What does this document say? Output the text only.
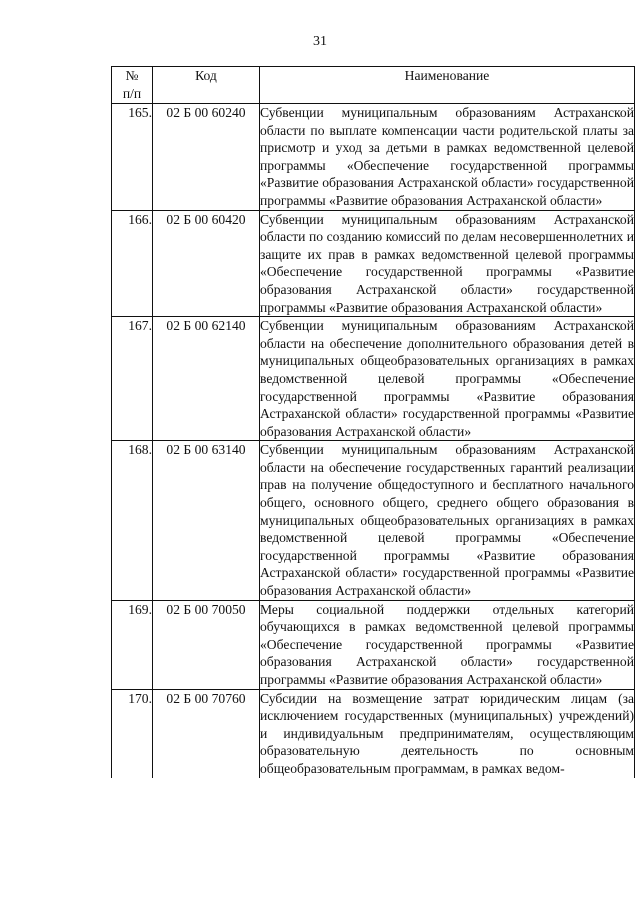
31
№
п/п	Код	Наименование
165.	02 Б 00 60240	Субвенции муниципальным образованиям Астраханской области по выплате компенсации части родительской платы за присмотр и уход за детьми в рамках ведомственной целевой программы «Обеспечение государственной программы «Развитие образования Астраханской области» государственной программы «Развитие образования Астраханской области»
166.	02 Б 00 60420	Субвенции муниципальным образованиям Астраханской области по созданию комиссий по делам несовершеннолетних и защите их прав в рамках ведомственной целевой программы «Обеспечение государственной программы «Развитие образования Астраханской области» государственной программы «Развитие образования Астраханской области»
167.	02 Б 00 62140	Субвенции муниципальным образованиям Астраханской области на обеспечение дополнительного образования детей в муниципальных общеобразовательных организациях в рамках ведомственной целевой программы «Обеспечение государственной программы «Развитие образования Астраханской области» государственной программы «Развитие образования Астраханской области»
168.	02 Б 00 63140	Субвенции муниципальным образованиям Астраханской области на обеспечение государственных гарантий реализации прав на получение общедоступного и бесплатного начального общего, основного общего, среднего общего образования в муниципальных общеобразовательных организациях в рамках ведомственной целевой программы «Обеспечение государственной программы «Развитие образования Астраханской области» государственной программы «Развитие образования Астраханской области»
169.	02 Б 00 70050	Меры социальной поддержки отдельных категорий обучающихся в рамках ведомственной целевой программы «Обеспечение государственной программы «Развитие образования Астраханской области» государственной программы «Развитие образования Астраханской области»
170.	02 Б 00 70760	Субсидии на возмещение затрат юридическим лицам (за исключением государственных (муниципальных) учреждений) и индивидуальным предпринимателям, осуществляющим образовательную деятельность по основным общеобразовательным программам, в рамках ведом-
